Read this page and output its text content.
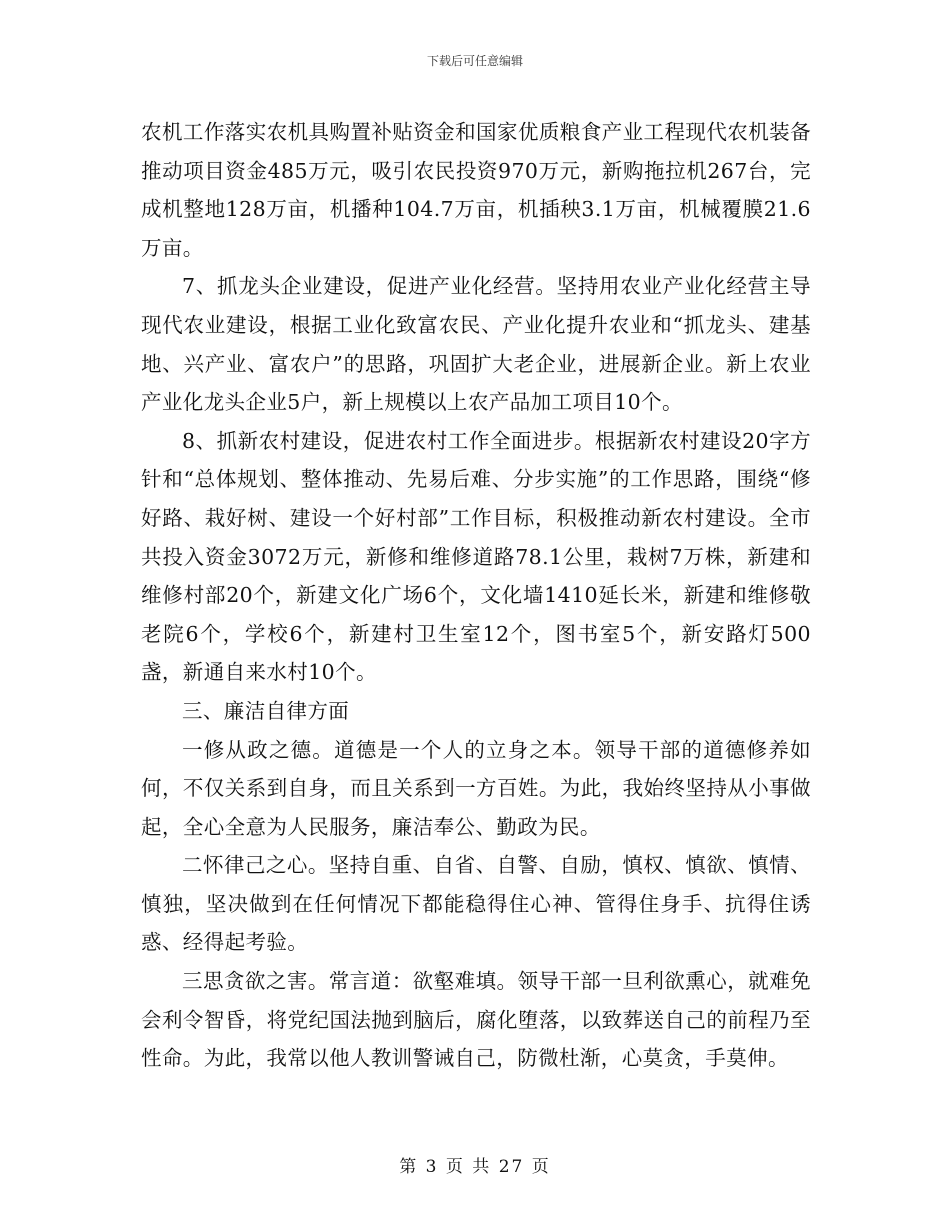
下载后可任意编辑

农机工作落实农机具购置补贴资金和国家优质粮食产业工程现代农机装备推动项目资金485万元，吸引农民投资970万元，新购拖拉机267台，完成机整地128万亩，机播种104.7万亩，机插秧3.1万亩，机械覆膜21.6万亩。

7、抓龙头企业建设，促进产业化经营。坚持用农业产业化经营主导现代农业建设，根据工业化致富农民、产业化提升农业和“抓龙头、建基地、兴产业、富农户”的思路，巩固扩大老企业，进展新企业。新上农业产业化龙头企业5户，新上规模以上农产品加工项目10个。

8、抓新农村建设，促进农村工作全面进步。根据新农村建设20字方针和“总体规划、整体推动、先易后难、分步实施”的工作思路，围绕“修好路、栽好树、建设一个好村部”工作目标，积极推动新农村建设。全市共投入资金3072万元，新修和维修道路78.1公里，栽树7万株，新建和维修村部20个，新建文化广场6个，文化墙1410延长米，新建和维修敬老院6个，学校6个，新建村卫生室12个，图书室5个，新安路灯500盏，新通自来水村10个。

三、廉洁自律方面

一修从政之德。道德是一个人的立身之本。领导干部的道德修养如何，不仅关系到自身，而且关系到一方百姓。为此，我始终坚持从小事做起，全心全意为人民服务，廉洁奉公、勤政为民。

二怀律己之心。坚持自重、自省、自警、自励，慎权、慎欲、慎情、慎独，坚决做到在任何情况下都能稳得住心神、管得住身手、抗得住诱惑、经得起考验。

三思贪欲之害。常言道：欲壑难填。领导干部一旦利欲熏心，就难免会利令智昏，将党纪国法抛到脑后，腐化堕落，以致葬送自己的前程乃至性命。为此，我常以他人教训警诫自己，防微杜渐，心莫贪，手莫伸。

第 3 页 共 27 页
